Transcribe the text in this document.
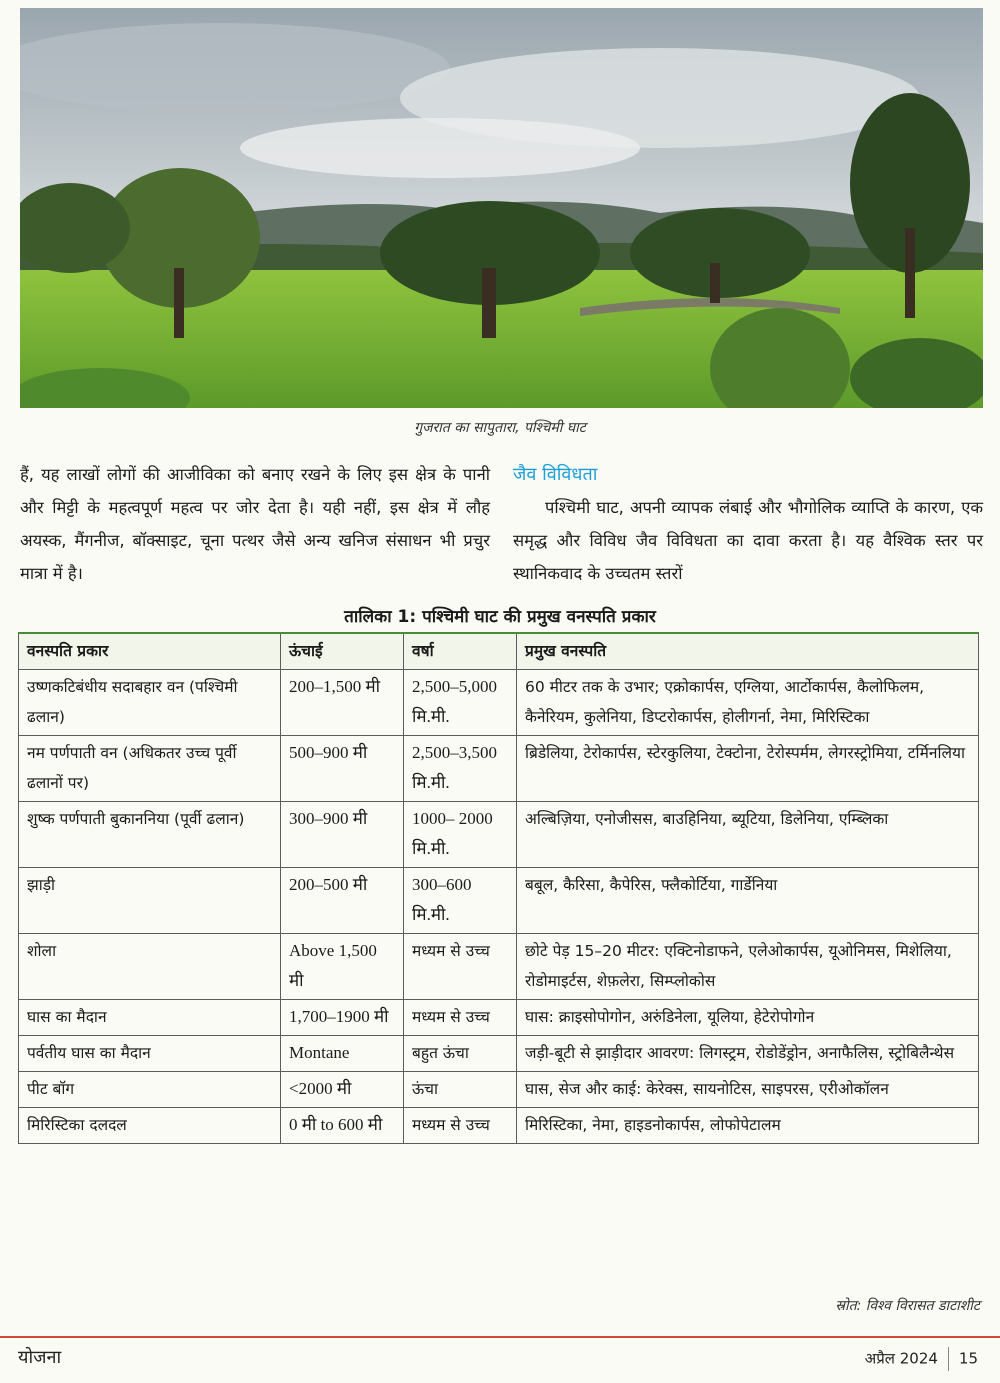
गुजरात का सापुतारा, पश्चिमी घाट

हैं, यह लाखों लोगों की आजीविका को बनाए रखने के लिए इस क्षेत्र के पानी और मिट्टी के महत्वपूर्ण महत्व पर जोर देता है। यही नहीं, इस क्षेत्र में लौह अयस्क, मैंगनीज, बॉक्साइट, चूना पत्थर जैसे अन्य खनिज संसाधन भी प्रचुर मात्रा में है।

जैव विविधता

पश्चिमी घाट, अपनी व्यापक लंबाई और भौगोलिक व्याप्ति के कारण, एक समृद्ध और विविध जैव विविधता का दावा करता है। यह वैश्विक स्तर पर स्थानिकवाद के उच्चतम स्तरों

तालिका 1: पश्चिमी घाट की प्रमुख वनस्पति प्रकार
वनस्पति प्रकार	ऊंचाई	वर्षा	प्रमुख वनस्पति
उष्णकटिबंधीय सदाबहार वन (पश्चिमी ढलान)	200–1,500 मी	2,500–5,000 मि.मी.	60 मीटर तक के उभार; एक्रोकार्पस, एग्लिया, आर्टोकार्पस, कैलोफिलम, कैनेरियम, कुलेनिया, डिप्टरोकार्पस, होलीगर्ना, नेमा, मिरिस्टिका
नम पर्णपाती वन (अधिकतर उच्च पूर्वी ढलानों पर)	500–900 मी	2,500–3,500 मि.मी.	ब्रिडेलिया, टेरोकार्पस, स्टेरकुलिया, टेक्टोना, टेरोस्पर्मम, लेगरस्ट्रोमिया, टर्मिनलिया
शुष्क पर्णपाती बुकाननिया (पूर्वी ढलान)	300–900 मी	1000– 2000 मि.मी.	अल्बिज़िया, एनोजीसस, बाउहिनिया, ब्यूटिया, डिलेनिया, एम्ब्लिका
झाड़ी	200–500 मी	300–600 मि.मी.	बबूल, कैरिसा, कैपेरिस, फ्लैकोर्टिया, गार्डेनिया
शोला	Above 1,500 मी	मध्यम से उच्च	छोटे पेड़ 15–20 मीटर: एक्टिनोडाफने, एलेओकार्पस, यूओनिमस, मिशेलिया, रोडोमाइर्टस, शेफ़लेरा, सिम्प्लोकोस
घास का मैदान	1,700–1900 मी	मध्यम से उच्च	घास: क्राइसोपोगोन, अरुंडिनेला, यूलिया, हेटेरोपोगोन
पर्वतीय घास का मैदान	Montane	बहुत ऊंचा	जड़ी-बूटी से झाड़ीदार आवरण: लिगस्ट्रम, रोडोडेंड्रोन, अनाफैलिस, स्ट्रोबिलैन्थेस
पीट बॉग	<2000 मी	ऊंचा	घास, सेज और काई: केरेक्स, सायनोटिस, साइपरस, एरीओकॉलन
मिरिस्टिका दलदल	0 मी to 600 मी	मध्यम से उच्च	मिरिस्टिका, नेमा, हाइडनोकार्पस, लोफोपेटालम
स्रोत: विश्व विरासत डाटाशीट
योजना	अप्रैल 2024 15
